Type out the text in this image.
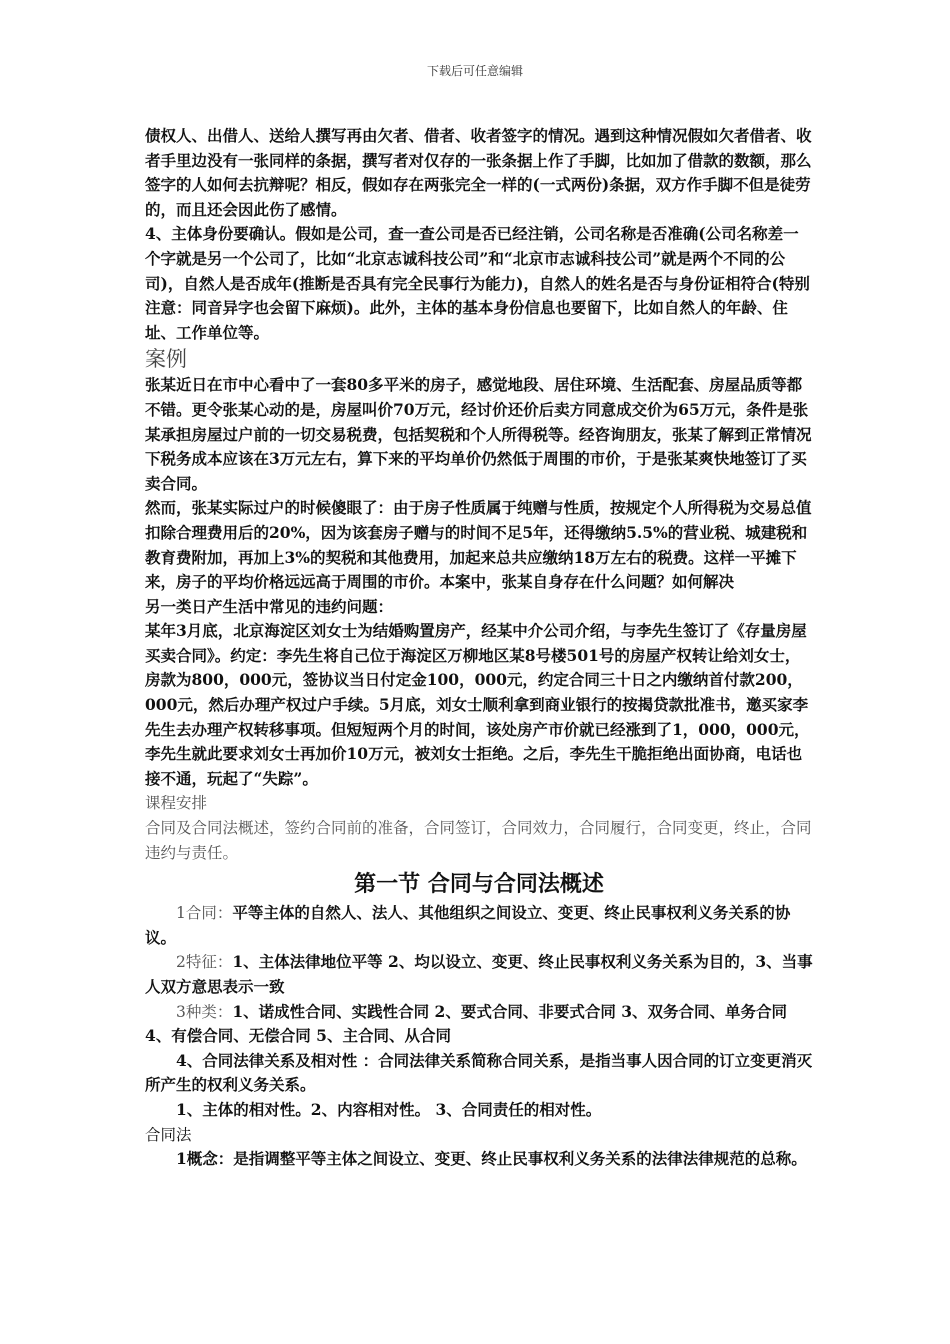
下载后可任意编辑

债权人、出借人、送给人撰写再由欠者、借者、收者签字的情况。遇到这种情况假如欠者借者、收者手里边没有一张同样的条据，撰写者对仅存的一张条据上作了手脚，比如加了借款的数额，那么签字的人如何去抗辩呢？相反，假如存在两张完全一样的(一式两份)条据，双方作手脚不但是徒劳的，而且还会因此伤了感情。

4、主体身份要确认。假如是公司，查一查公司是否已经注销，公司名称是否准确(公司名称差一个字就是另一个公司了，比如“北京志诚科技公司”和“北京市志诚科技公司”就是两个不同的公司)，自然人是否成年(推断是否具有完全民事行为能力)，自然人的姓名是否与身份证相符合(特别注意：同音异字也会留下麻烦)。此外，主体的基本身份信息也要留下，比如自然人的年龄、住址、工作单位等。

案例

张某近日在市中心看中了一套80多平米的房子，感觉地段、居住环境、生活配套、房屋品质等都不错。更令张某心动的是，房屋叫价70万元，经讨价还价后卖方同意成交价为65万元，条件是张某承担房屋过户前的一切交易税费，包括契税和个人所得税等。经咨询朋友，张某了解到正常情况下税务成本应该在3万元左右，算下来的平均单价仍然低于周围的市价，于是张某爽快地签订了买卖合同。

然而，张某实际过户的时候傻眼了：由于房子性质属于纯赠与性质，按规定个人所得税为交易总值扣除合理费用后的20%，因为该套房子赠与的时间不足5年，还得缴纳5.5%的营业税、城建税和教育费附加，再加上3%的契税和其他费用，加起来总共应缴纳18万左右的税费。这样一平摊下来，房子的平均价格远远高于周围的市价。本案中，张某自身存在什么问题？如何解决

另一类日产生活中常见的违约问题：

某年3月底，北京海淀区刘女士为结婚购置房产，经某中介公司介绍，与李先生签订了《存量房屋买卖合同》。约定：李先生将自己位于海淀区万柳地区某8号楼501号的房屋产权转让给刘女士，房款为800，000元，签协议当日付定金100，000元，约定合同三十日之内缴纳首付款200，000元，然后办理产权过户手续。5月底，刘女士顺利拿到商业银行的按揭贷款批准书，邀买家李先生去办理产权转移事项。但短短两个月的时间，该处房产市价就已经涨到了1，000，000元，李先生就此要求刘女士再加价10万元，被刘女士拒绝。之后，李先生干脆拒绝出面协商，电话也接不通，玩起了“失踪”。

课程安排

合同及合同法概述，签约合同前的准备，合同签订，合同效力，合同履行，合同变更，终止，合同违约与责任。

第一节 合同与合同法概述

1合同：平等主体的自然人、法人、其他组织之间设立、变更、终止民事权利义务关系的协议。

2特征：1、主体法律地位平等 2、均以设立、变更、终止民事权利义务关系为目的，3、当事人双方意思表示一致

3种类：1、诺成性合同、实践性合同 2、要式合同、非要式合同 3、双务合同、单务合同 4、有偿合同、无偿合同 5、主合同、从合同

4、合同法律关系及相对性 ：合同法律关系简称合同关系，是指当事人因合同的订立变更消灭所产生的权利义务关系。

1、主体的相对性。2、内容相对性。 3、合同责任的相对性。

合同法

1概念：是指调整平等主体之间设立、变更、终止民事权利义务关系的法律法律规范的总称。
